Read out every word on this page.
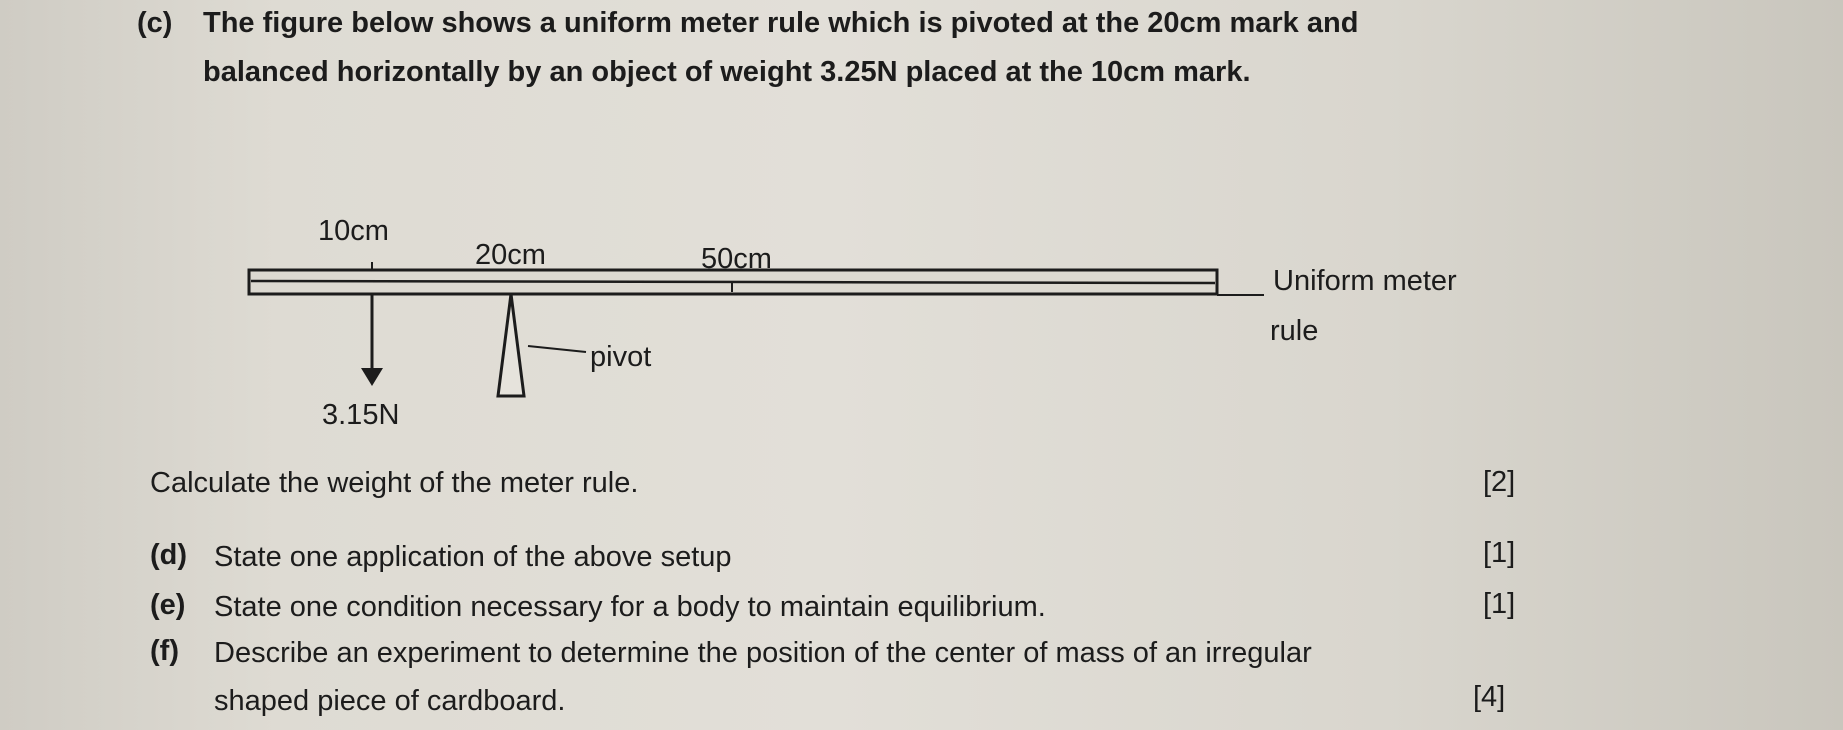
(c) The figure below shows a uniform meter rule which is pivoted at the 20cm mark and
balanced horizontally by an object of weight 3.25N placed at the 10cm mark.
10cm
20cm	50cm
3.15N
pivot
Uniform meter
rule
Calculate the weight of the meter rule.	[2]
(d) State one application of the above setup	[1]
(e) State one condition necessary for a body to maintain equilibrium.	[1]
(f) Describe an experiment to determine the position of the center of mass of an irregular
shaped piece of cardboard.	[4]
